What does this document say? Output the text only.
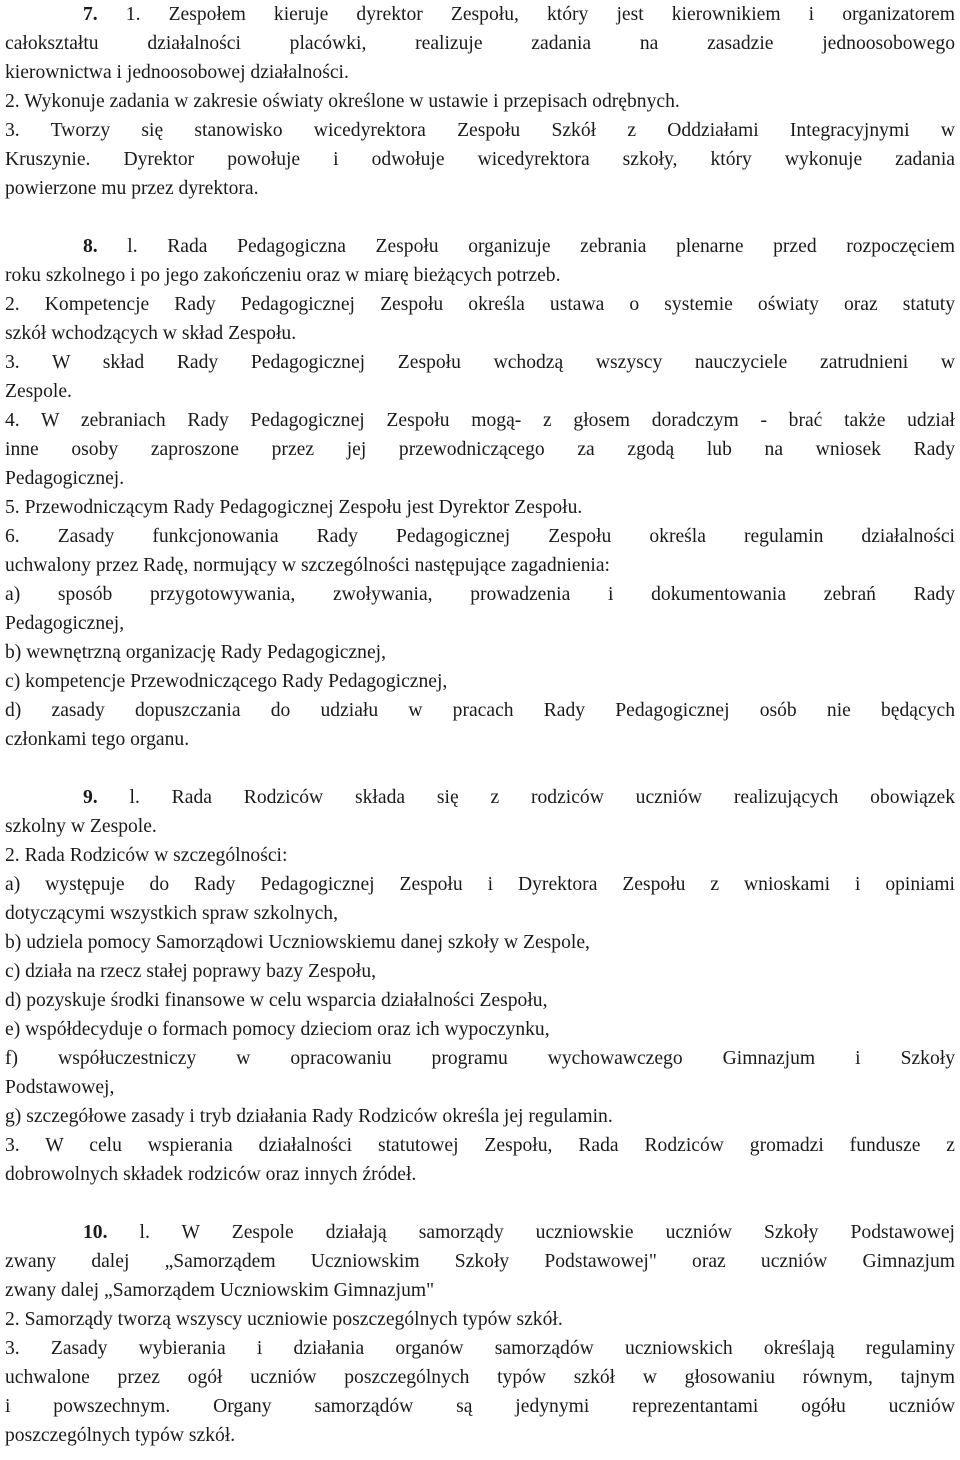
7. 1. Zespołem kieruje dyrektor Zespołu, który jest kierownikiem i organizatorem
całokształtu działalności placówki, realizuje zadania na zasadzie jednoosobowego
kierownictwa i jednoosobowej działalności.
2. Wykonuje zadania w zakresie oświaty określone w ustawie i przepisach odrębnych.
3. Tworzy się stanowisko wicedyrektora Zespołu Szkół z Oddziałami Integracyjnymi w
Kruszynie. Dyrektor powołuje i odwołuje wicedyrektora szkoły, który wykonuje zadania
powierzone mu przez dyrektora.
8. l. Rada Pedagogiczna Zespołu organizuje zebrania plenarne przed rozpoczęciem
roku szkolnego i po jego zakończeniu oraz w miarę bieżących potrzeb.
2. Kompetencje Rady Pedagogicznej Zespołu określa ustawa o systemie oświaty oraz statuty
szkół wchodzących w skład Zespołu.
3. W skład Rady Pedagogicznej Zespołu wchodzą wszyscy nauczyciele zatrudnieni w
Zespole.
4. W zebraniach Rady Pedagogicznej Zespołu mogą- z głosem doradczym - brać także udział
inne osoby zaproszone przez jej przewodniczącego za zgodą lub na wniosek Rady
Pedagogicznej.
5. Przewodniczącym Rady Pedagogicznej Zespołu jest Dyrektor Zespołu.
6. Zasady funkcjonowania Rady Pedagogicznej Zespołu określa regulamin działalności
uchwalony przez Radę, normujący w szczególności następujące zagadnienia:
a) sposób przygotowywania, zwoływania, prowadzenia i dokumentowania zebrań Rady
Pedagogicznej,
b) wewnętrzną organizację Rady Pedagogicznej,
c) kompetencje Przewodniczącego Rady Pedagogicznej,
d) zasady dopuszczania do udziału w pracach Rady Pedagogicznej osób nie będących
członkami tego organu.
9. l. Rada Rodziców składa się z rodziców uczniów realizujących obowiązek
szkolny w Zespole.
2. Rada Rodziców w szczególności:
a) występuje do Rady Pedagogicznej Zespołu i Dyrektora Zespołu z wnioskami i opiniami
dotyczącymi wszystkich spraw szkolnych,
b) udziela pomocy Samorządowi Uczniowskiemu danej szkoły w Zespole,
c) działa na rzecz stałej poprawy bazy Zespołu,
d) pozyskuje środki finansowe w celu wsparcia działalności Zespołu,
e) współdecyduje o formach pomocy dzieciom oraz ich wypoczynku,
f) współuczestniczy w opracowaniu programu wychowawczego Gimnazjum i Szkoły
Podstawowej,
g) szczegółowe zasady i tryb działania Rady Rodziców określa jej regulamin.
3. W celu wspierania działalności statutowej Zespołu, Rada Rodziców gromadzi fundusze z
dobrowolnych składek rodziców oraz innych źródeł.
10. l. W Zespole działają samorządy uczniowskie uczniów Szkoły Podstawowej
zwany dalej „Samorządem Uczniowskim Szkoły Podstawowej" oraz uczniów Gimnazjum
zwany dalej „Samorządem Uczniowskim Gimnazjum"
2. Samorządy tworzą wszyscy uczniowie poszczególnych typów szkół.
3. Zasady wybierania i działania organów samorządów uczniowskich określają regulaminy
uchwalone przez ogół uczniów poszczególnych typów szkół w głosowaniu równym, tajnym
i powszechnym. Organy samorządów są jedynymi reprezentantami ogółu uczniów
poszczególnych typów szkół.
